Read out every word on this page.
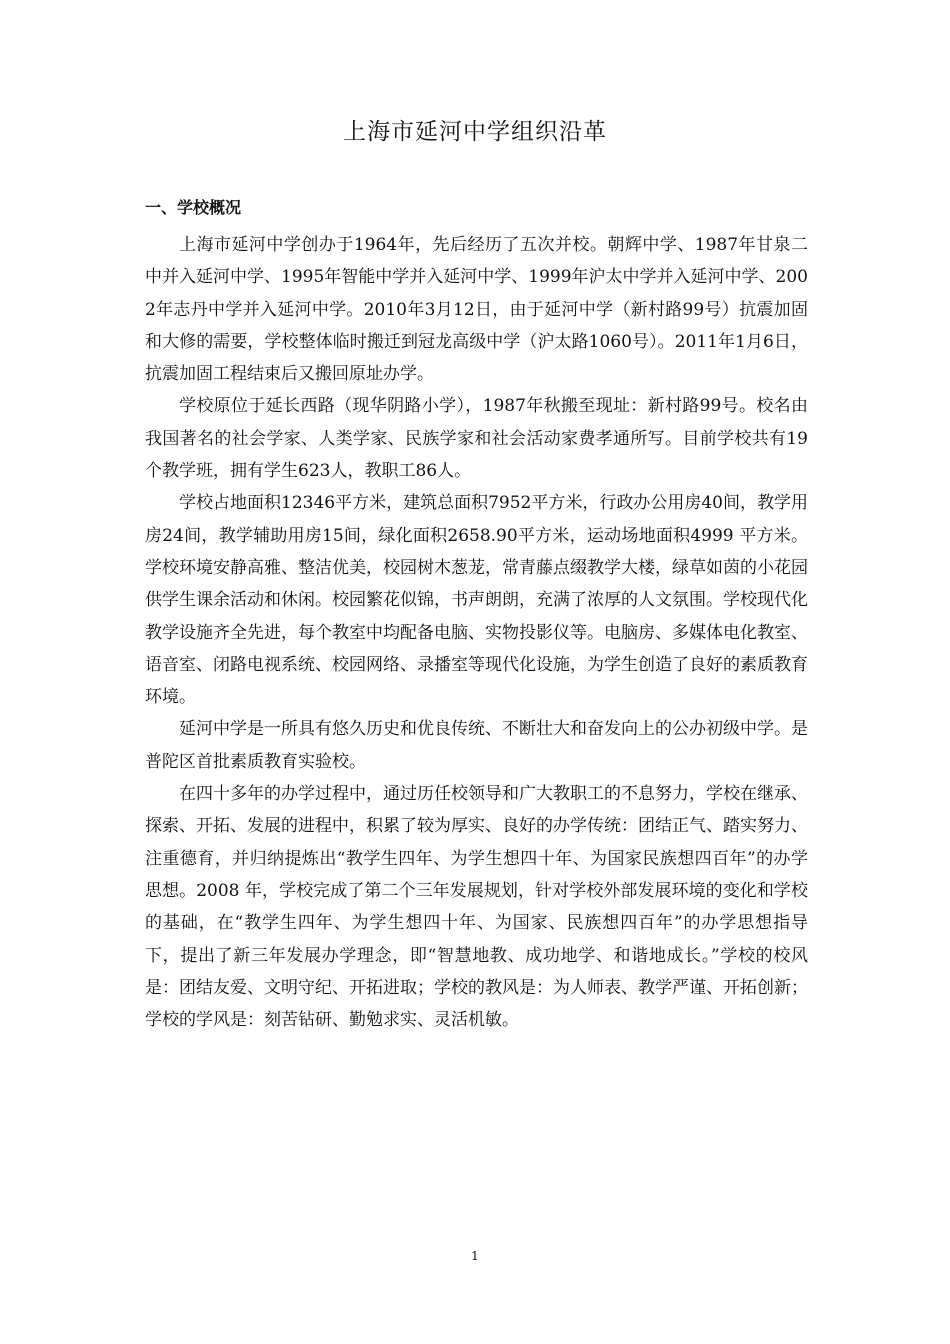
上海市延河中学组织沿革
一、学校概况

上海市延河中学创办于1964年，先后经历了五次并校。朝辉中学、1987年甘泉二中并入延河中学、1995年智能中学并入延河中学、1999年沪太中学并入延河中学、2002年志丹中学并入延河中学。2010年3月12日，由于延河中学（新村路99号）抗震加固和大修的需要，学校整体临时搬迁到冠龙高级中学（沪太路1060号）。2011年1月6日，抗震加固工程结束后又搬回原址办学。

学校原位于延长西路（现华阴路小学），1987年秋搬至现址：新村路99号。校名由我国著名的社会学家、人类学家、民族学家和社会活动家费孝通所写。目前学校共有19个教学班，拥有学生623人，教职工86人。

学校占地面积12346平方米，建筑总面积7952平方米，行政办公用房40间，教学用房24间，教学辅助用房15间，绿化面积2658.90平方米，运动场地面积4999 平方米。学校环境安静高雅、整洁优美，校园树木葱茏，常青藤点缀教学大楼，绿草如茵的小花园供学生课余活动和休闲。校园繁花似锦，书声朗朗，充满了浓厚的人文氛围。学校现代化教学设施齐全先进，每个教室中均配备电脑、实物投影仪等。电脑房、多媒体电化教室、语音室、闭路电视系统、校园网络、录播室等现代化设施，为学生创造了良好的素质教育环境。

延河中学是一所具有悠久历史和优良传统、不断壮大和奋发向上的公办初级中学。是普陀区首批素质教育实验校。

在四十多年的办学过程中，通过历任校领导和广大教职工的不息努力，学校在继承、探索、开拓、发展的进程中，积累了较为厚实、良好的办学传统：团结正气、踏实努力、注重德育，并归纳提炼出“教学生四年、为学生想四十年、为国家民族想四百年”的办学思想。2008 年，学校完成了第二个三年发展规划，针对学校外部发展环境的变化和学校的基础，在“教学生四年、为学生想四十年、为国家、民族想四百年”的办学思想指导下，提出了新三年发展办学理念，即“智慧地教、成功地学、和谐地成长。”学校的校风是：团结友爱、文明守纪、开拓进取；学校的教风是：为人师表、教学严谨、开拓创新；学校的学风是：刻苦钻研、勤勉求实、灵活机敏。

1
